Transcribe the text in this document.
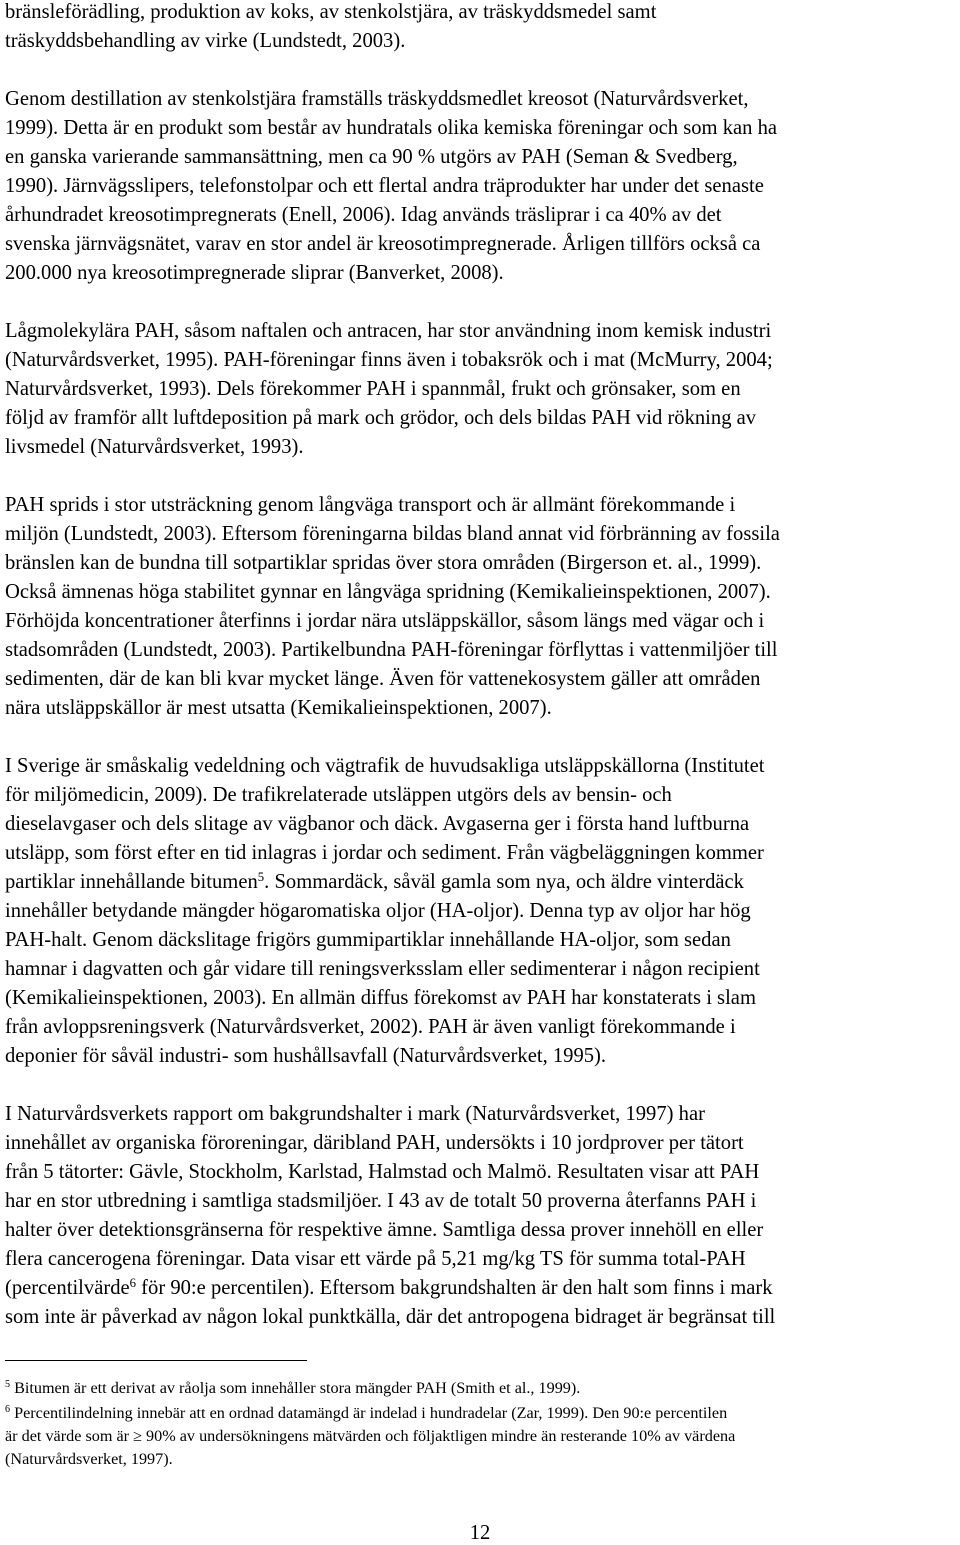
bränsleförädling, produktion av koks, av stenkolstjära, av träskyddsmedel samt
träskyddsbehandling av virke (Lundstedt, 2003).
Genom destillation av stenkolstjära framställs träskyddsmedlet kreosot (Naturvårdsverket,
1999). Detta är en produkt som består av hundratals olika kemiska föreningar och som kan ha
en ganska varierande sammansättning, men ca 90 % utgörs av PAH (Seman & Svedberg,
1990). Järnvägsslipers, telefonstolpar och ett flertal andra träprodukter har under det senaste
århundradet kreosotimpregnerats (Enell, 2006). Idag används träsliprar i ca 40% av det
svenska järnvägsnätet, varav en stor andel är kreosotimpregnerade. Årligen tillförs också ca
200.000 nya kreosotimpregnerade sliprar (Banverket, 2008).
Lågmolekylära PAH, såsom naftalen och antracen, har stor användning inom kemisk industri
(Naturvårdsverket, 1995). PAH-föreningar finns även i tobaksrök och i mat (McMurry, 2004;
Naturvårdsverket, 1993). Dels förekommer PAH i spannmål, frukt och grönsaker, som en
följd av framför allt luftdeposition på mark och grödor, och dels bildas PAH vid rökning av
livsmedel (Naturvårdsverket, 1993).
PAH sprids i stor utsträckning genom långväga transport och är allmänt förekommande i
miljön (Lundstedt, 2003). Eftersom föreningarna bildas bland annat vid förbränning av fossila
bränslen kan de bundna till sotpartiklar spridas över stora områden (Birgerson et. al., 1999).
Också ämnenas höga stabilitet gynnar en långväga spridning (Kemikalieinspektionen, 2007).
Förhöjda koncentrationer återfinns i jordar nära utsläppskällor, såsom längs med vägar och i
stadsområden (Lundstedt, 2003). Partikelbundna PAH-föreningar förflyttas i vattenmiljöer till
sedimenten, där de kan bli kvar mycket länge. Även för vattenekosystem gäller att områden
nära utsläppskällor är mest utsatta (Kemikalieinspektionen, 2007).
I Sverige är småskalig vedeldning och vägtrafik de huvudsakliga utsläppskällorna (Institutet
för miljömedicin, 2009). De trafikrelaterade utsläppen utgörs dels av bensin- och
dieselavgaser och dels slitage av vägbanor och däck. Avgaserna ger i första hand luftburna
utsläpp, som först efter en tid inlagras i jordar och sediment. Från vägbeläggningen kommer
partiklar innehållande bitumen$^5$. Sommardäck, såväl gamla som nya, och äldre vinterdäck
innehåller betydande mängder högaromatiska oljor (HA-oljor). Denna typ av oljor har hög
PAH-halt. Genom däckslitage frigörs gummipartiklar innehållande HA-oljor, som sedan
hamnar i dagvatten och går vidare till reningsverksslam eller sedimenterar i någon recipient
(Kemikalieinspektionen, 2003). En allmän diffus förekomst av PAH har konstaterats i slam
från avloppsreningsverk (Naturvårdsverket, 2002). PAH är även vanligt förekommande i
deponier för såväl industri- som hushållsavfall (Naturvårdsverket, 1995).
I Naturvårdsverkets rapport om bakgrundshalter i mark (Naturvårdsverket, 1997) har
innehållet av organiska föroreningar, däribland PAH, undersökts i 10 jordprover per tätort
från 5 tätorter: Gävle, Stockholm, Karlstad, Halmstad och Malmö. Resultaten visar att PAH
har en stor utbredning i samtliga stadsmiljöer. I 43 av de totalt 50 proverna återfanns PAH i
halter över detektionsgränserna för respektive ämne. Samtliga dessa prover innehöll en eller
flera cancerogena föreningar. Data visar ett värde på 5,21 mg/kg TS för summa total-PAH
(percentilvärde$^6$ för 90:e percentilen). Eftersom bakgrundshalten är den halt som finns i mark
som inte är påverkad av någon lokal punktkälla, där det antropogena bidraget är begränsat till
$^5$ Bitumen är ett derivat av råolja som innehåller stora mängder PAH (Smith et al., 1999).
$^6$ Percentilindelning innebär att en ordnad datamängd är indelad i hundradelar (Zar, 1999). Den 90:e percentilen
är det värde som är ≥ 90% av undersökningens mätvärden och följaktligen mindre än resterande 10% av värdena
(Naturvårdsverket, 1997).
12
